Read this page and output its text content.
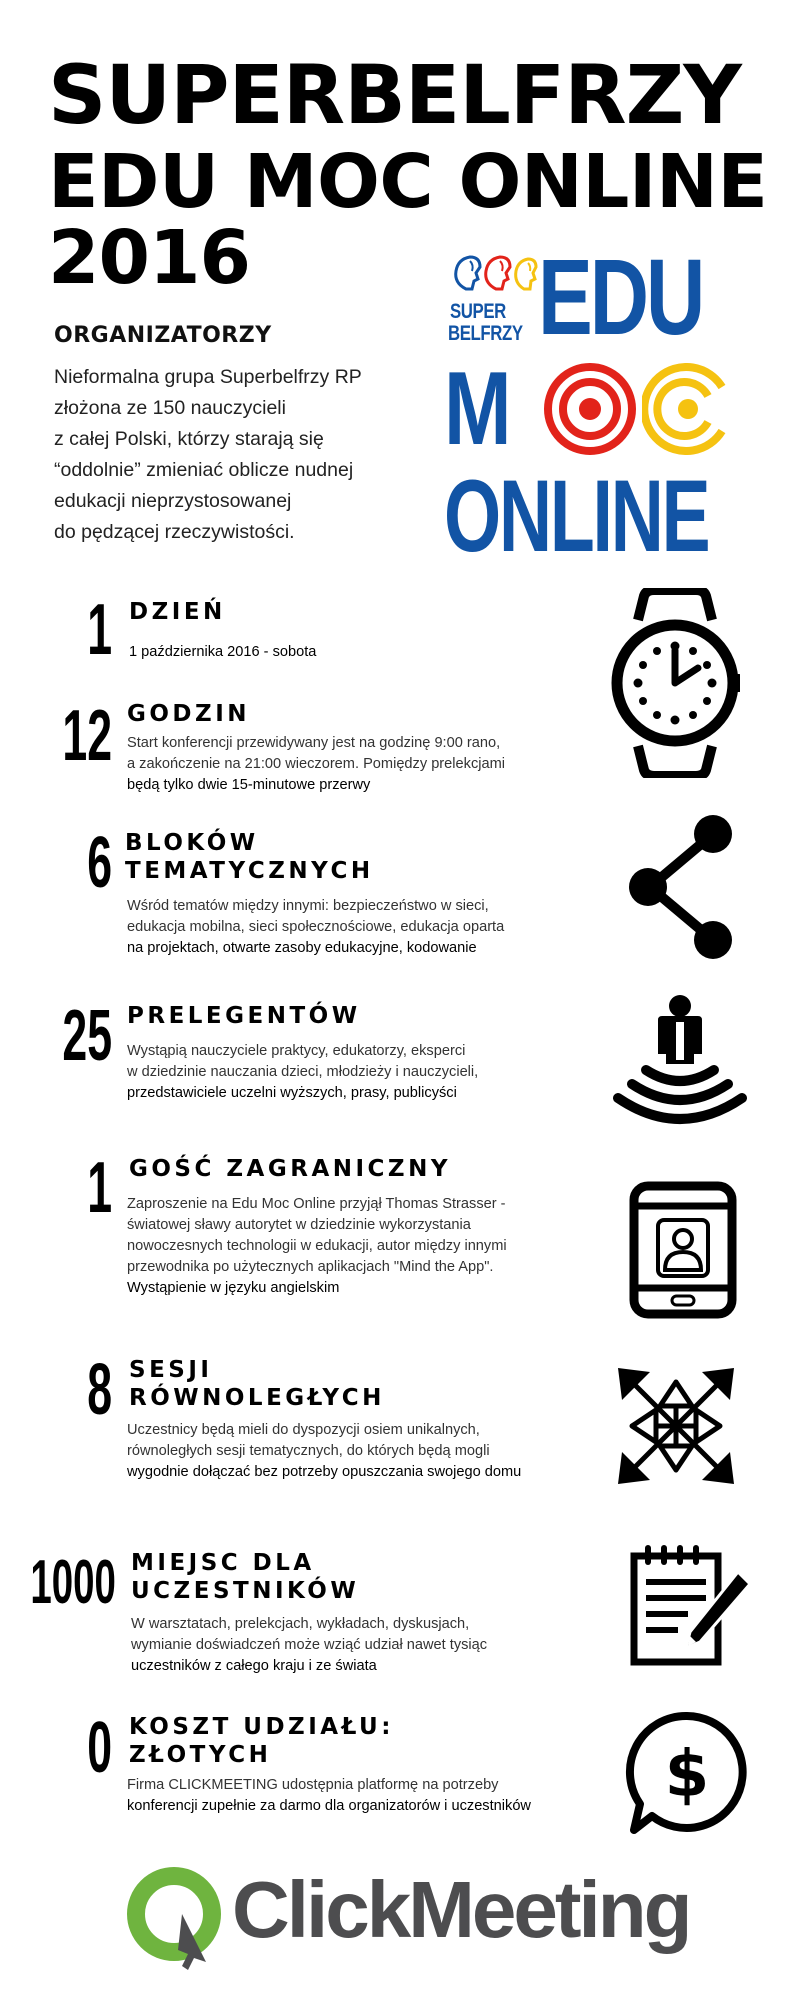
SUPERBELFRZY
EDU MOC ONLINE
2016
ORGANIZATORZY
Nieformalna grupa Superbelfrzy RP
złożona ze 150 nauczycieli
z całej Polski, którzy starają się
“oddolnie” zmieniać oblicze nudnej
edukacji nieprzystosowanej
do pędzącej rzeczywistości.
SUPER
BELFRZY EDU
M
ONLINE
1 DZIEŃ
1 października 2016 - sobota
12 GODZIN
Start konferencji przewidywany jest na godzinę 9:00 rano,
a zakończenie na 21:00 wieczorem. Pomiędzy prelekcjami
będą tylko dwie 15-minutowe przerwy
6 BLOKÓW
TEMATYCZNYCH
Wśród tematów między innymi: bezpieczeństwo w sieci,
edukacja mobilna, sieci społecznościowe, edukacja oparta
na projektach, otwarte zasoby edukacyjne, kodowanie
25 PRELEGENTÓW
Wystąpią nauczyciele praktycy, edukatorzy, eksperci
w dziedzinie nauczania dzieci, młodzieży i nauczycieli,
przedstawiciele uczelni wyższych, prasy, publicyści
1 GOŚĆ ZAGRANICZNY
Zaproszenie na Edu Moc Online przyjął Thomas Strasser -
światowej sławy autorytet w dziedzinie wykorzystania
nowoczesnych technologii w edukacji, autor między innymi
przewodnika po użytecznych aplikacjach "Mind the App".
Wystąpienie w języku angielskim
8 SESJI
RÓWNOLEGŁYCH
Uczestnicy będą mieli do dyspozycji osiem unikalnych,
równoległych sesji tematycznych, do których będą mogli
wygodnie dołączać bez potrzeby opuszczania swojego domu
1000 MIEJSC DLA
UCZESTNIKÓW
W warsztatach, prelekcjach, wykładach, dyskusjach,
wymianie doświadczeń może wziąć udział nawet tysiąc
uczestników z całego kraju i ze świata
0 KOSZT UDZIAŁU:
ZŁOTYCH
Firma CLICKMEETING udostępnia platformę na potrzeby
konferencji zupełnie za darmo dla organizatorów i uczestników $
ClickMeeting
